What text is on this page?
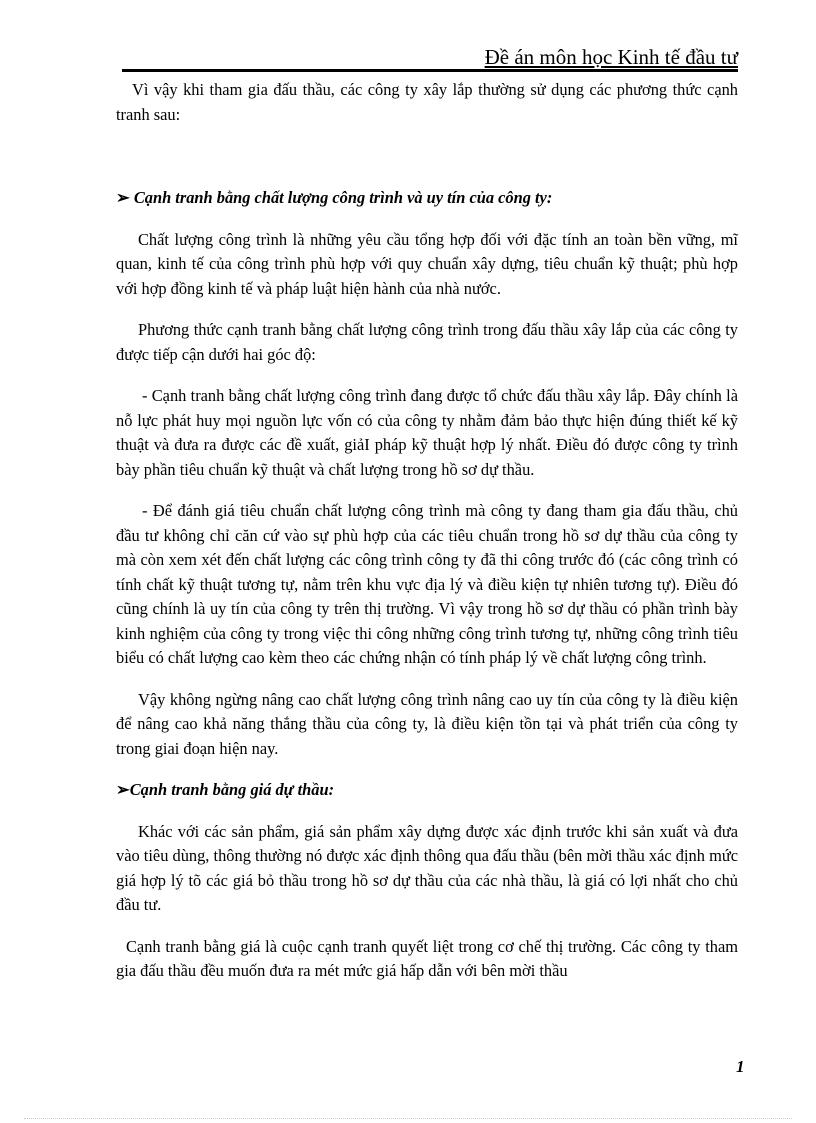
Đề án môn học Kinh tế đầu tư

Vì vậy khi tham gia đấu thầu, các công ty xây lắp thường sử dụng các phương thức cạnh tranh sau:

➢ Cạnh tranh bằng chất lượng công trình và uy tín của công ty:

Chất lượng công trình là những yêu cầu tổng hợp đối với đặc tính an toàn bền vững, mĩ quan, kinh tế của công trình phù hợp với quy chuẩn xây dựng, tiêu chuẩn kỹ thuật; phù hợp với hợp đồng kinh tế và pháp luật hiện hành của nhà nước.

Phương thức cạnh tranh bằng chất lượng công trình trong đấu thầu xây lắp của các công ty được tiếp cận dưới hai góc độ:

- Cạnh tranh bằng chất lượng công trình đang được tổ chức đấu thầu xây lắp. Đây chính là nỗ lực phát huy mọi nguồn lực vốn có của công ty nhằm đảm bảo thực hiện đúng thiết kế kỹ thuật và đưa ra được các đề xuất, giảI pháp kỹ thuật hợp lý nhất. Điều đó được công ty trình bày phần tiêu chuẩn kỹ thuật và chất lượng trong hồ sơ dự thầu.

- Để đánh giá tiêu chuẩn chất lượng công trình mà công ty đang tham gia đấu thầu, chủ đầu tư không chỉ căn cứ vào sự phù hợp của các tiêu chuẩn trong hồ sơ dự thầu của công ty mà còn xem xét đến chất lượng các công trình công ty đã thi công trước đó (các công trình có tính chất kỹ thuật tương tự, nằm trên khu vực địa lý và điều kiện tự nhiên tương tự). Điều đó cũng chính là uy tín của công ty trên thị trường. Vì vậy trong hồ sơ dự thầu có phần trình bày kinh nghiệm của công ty trong việc thi công những công trình tương tự, những công trình tiêu biểu có chất lượng cao kèm theo các chứng nhận có tính pháp lý về chất lượng công trình.

Vậy không ngừng nâng cao chất lượng công trình nâng cao uy tín của công ty là điều kiện để nâng cao khả năng thắng thầu của công ty, là điều kiện tồn tại và phát triển của công ty trong giai đoạn hiện nay.

➢Cạnh tranh bằng giá dự thầu:

Khác với các sản phẩm, giá sản phẩm xây dựng được xác định trước khi sản xuất và đưa vào tiêu dùng, thông thường nó được xác định thông qua đấu thầu (bên mời thầu xác định mức giá hợp lý tõ các giá bỏ thầu trong hồ sơ dự thầu của các nhà thầu, là giá có lợi nhất cho chủ đầu tư.

Cạnh tranh bằng giá là cuộc cạnh tranh quyết liệt trong cơ chế thị trường. Các công ty tham gia đấu thầu đều muốn đưa ra mét mức giá hấp dẫn với bên mời thầu

1
